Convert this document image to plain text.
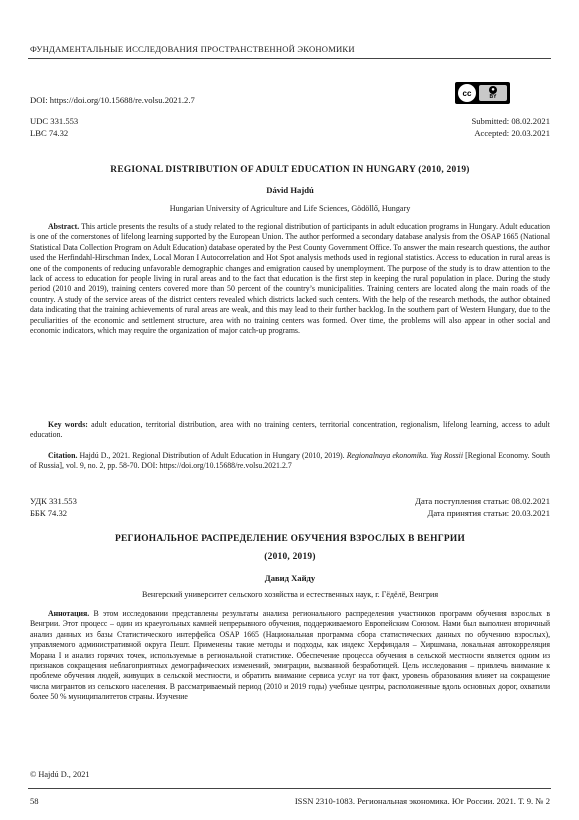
ФУНДАМЕНТАЛЬНЫЕ ИССЛЕДОВАНИЯ ПРОСТРАНСТВЕННОЙ ЭКОНОМИКИ
DOI: https://doi.org/10.15688/re.volsu.2021.2.7
cc	●
BY
UDC 331.553	Submitted: 08.02.2021
LBC 74.32	Accepted: 20.03.2021
REGIONAL DISTRIBUTION OF ADULT EDUCATION IN HUNGARY (2010, 2019)
Dávid Hajdú
Hungarian University of Agriculture and Life Sciences, Gödöllő, Hungary

Abstract. This article presents the results of a study related to the regional distribution of participants in adult education programs in Hungary. Adult education is one of the cornerstones of lifelong learning supported by the European Union. The author performed a secondary database analysis from the OSAP 1665 (National Statistical Data Collection Program on Adult Education) database operated by the Pest County Government Office. To answer the main research questions, the author used the Herfindahl-Hirschman Index, Local Moran I Autocorrelation and Hot Spot analysis methods used in regional statistics. Access to education in rural areas is one of the components of reducing unfavorable demographic changes and emigration caused by unemployment. The purpose of the study is to draw attention to the lack of access to education for people living in rural areas and to the fact that education is the first step in keeping the rural population in place. During the study period (2010 and 2019), training centers covered more than 50 percent of the country’s municipalities. Training centers are located along the main roads of the country. A study of the service areas of the district centers revealed which districts lacked such centers. With the help of the research methods, the author obtained data indicating that the training achievements of rural areas are weak, and this may lead to their further backlog. In the southern part of Western Hungary, due to the peculiarities of the economic and settlement structure, area with no training centers was formed. Over time, the problems will also appear in other social and economic indicators, which may require the organization of major catch-up programs.

Key words: adult education, territorial distribution, area with no training centers, territorial concentration, regionalism, lifelong learning, access to adult education.

Citation. Hajdú D., 2021. Regional Distribution of Adult Education in Hungary (2010, 2019). Regionalnaya ekonomika. Yug Rossii [Regional Economy. South of Russia], vol. 9, no. 2, pp. 58-70. DOI: https://doi.org/10.15688/re.volsu.2021.2.7

УДК 331.553	Дата поступления статьи: 08.02.2021
ББК 74.32	Дата принятия статьи: 20.03.2021
РЕГИОНАЛЬНОЕ РАСПРЕДЕЛЕНИЕ ОБУЧЕНИЯ ВЗРОСЛЫХ В ВЕНГРИИ
(2010, 2019)
Давид Хайду
Венгерский университет сельского хозяйства и естественных наук, г. Гёдёлё, Венгрия

Аннотация. В этом исследовании представлены результаты анализа регионального распределения участников программ обучения взрослых в Венгрии. Этот процесс – один из краеугольных камней непрерывного обучения, поддерживаемого Европейским Союзом. Нами был выполнен вторичный анализ данных из базы Статистического интерфейса OSAP 1665 (Национальная программа сбора статистических данных по обучению взрослых), управляемого административной округа Пешт. Применены такие методы и подходы, как индекс Херфиндаля – Хиршмана, локальная автокорреляция Морана I и анализ горячих точек, используемые в региональной статистике. Обеспечение процесса обучения в сельской местности является одним из признаков сокращения неблагоприятных демографических изменений, эмиграции, вызванной безработицей. Цель исследования – привлечь внимание к проблеме обучения людей, живущих в сельской местности, и обратить внимание сервиса услуг на тот факт, уровень образования влияет на сокращение числа мигрантов из сельского населения. В рассматриваемый период (2010 и 2019 годы) учебные центры, расположенные вдоль основных дорог, охватили более 50 % муниципалитетов страны. Изучение

© Hajdú D., 2021
58	ISSN 2310-1083. Региональная экономика. Юг России. 2021. Т. 9. № 2
